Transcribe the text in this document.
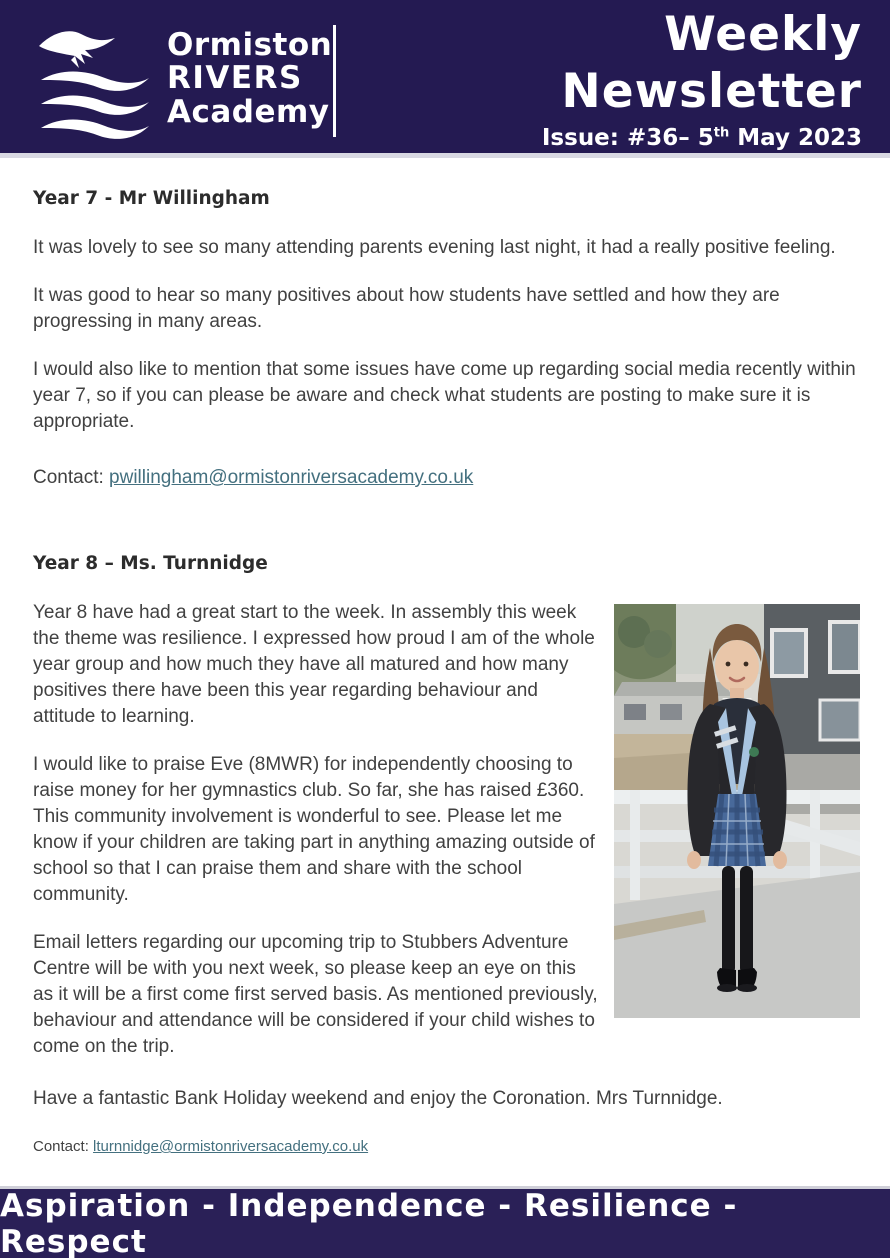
Ormiston
RIVERS
Academy
Weekly
Newsletter
Issue: #36– 5th May 2023
Year 7 - Mr Willingham

It was lovely to see so many attending parents evening last night, it had a really positive feeling.

It was good to hear so many positives about how students have settled and how they are progressing in many areas.

I would also like to mention that some issues have come up regarding social media recently within year 7, so if you can please be aware and check what students are posting to make sure it is appropriate.

Contact: pwillingham@ormistonriversacademy.co.uk
Year 8 – Ms. Turnnidge

Year 8 have had a great start to the week. In assembly this week the theme was resilience. I expressed how proud I am of the whole year group and how much they have all matured and how many positives there have been this year regarding behaviour and attitude to learning.

I would like to praise Eve (8MWR) for independently choosing to raise money for her gymnastics club. So far, she has raised £360. This community involvement is wonderful to see. Please let me know if your children are taking part in anything amazing outside of school so that I can praise them and share with the school community.

Email letters regarding our upcoming trip to Stubbers Adventure Centre will be with you next week, so please keep an eye on this as it will be a first come first served basis. As mentioned previously, behaviour and attendance will be considered if your child wishes to come on the trip.

Have a fantastic Bank Holiday weekend and enjoy the Coronation. Mrs Turnnidge.

Contact: lturnnidge@ormistonriversacademy.co.uk
Aspiration - Independence - Resilience - Respect
